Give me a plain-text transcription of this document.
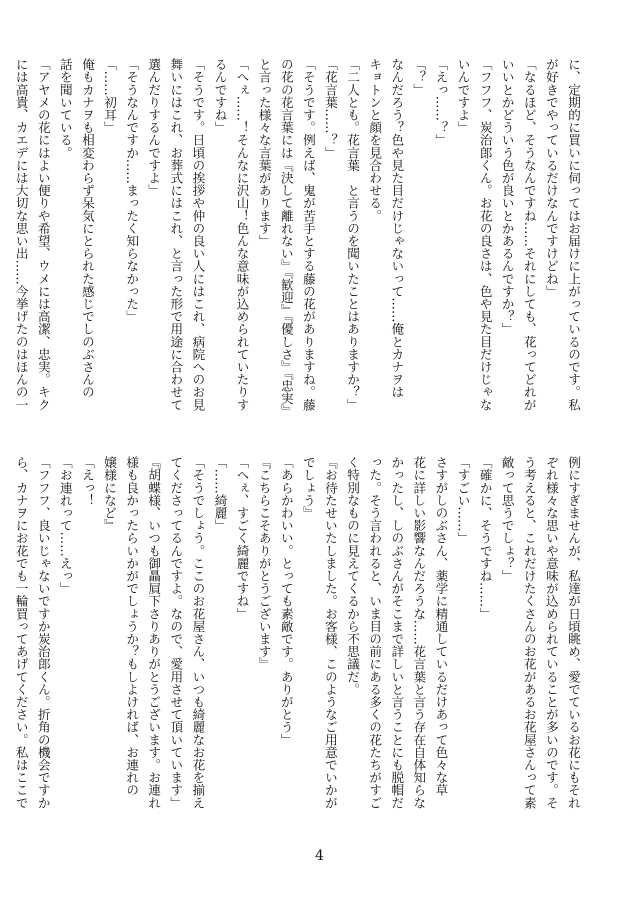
に、定期的に買いに伺ってはお届けに上がっているのです。私
が好きでやっているだけなんですけどね」
「なるほど、そうなんですね……それにしても、花ってどれが
いいとかどういう色が良いとかあるんですか？」
「フフフ、炭治郎くん。お花の良さは、色や見た目だけじゃな
いんですよ」
「えっ……？」
「？」
なんだろう？色や見た目だけじゃないって……俺とカナヲは
キョトンと顔を見合わせる。
「二人とも。花言葉　と言うのを聞いたことはありますか？」
「花言葉……？」
「そうです。例えば、鬼が苦手とする藤の花がありますね。藤
の花の花言葉には『決して離れない』『歓迎』『優しさ』『忠実』
と言った様々な言葉があります」
「へぇ……！そんなに沢山！色んな意味が込められていたりす
るんですね」
「そうです。日頃の挨拶や仲の良い人にはこれ、病院へのお見
舞いにはこれ、お葬式にはこれ、と言った形で用途に合わせて
選んだりするんですよ」
「そうなんですか……まったく知らなかった」
「……初耳」
俺もカナヲも相変わらず呆気にとられた感じでしのぶさんの
話を聞いている。
「アヤメの花にはよい便りや希望、ウメには高潔、忠実。キク
には高貴、カエデには大切な思い出……今挙げたのはほんの一
例にすぎませんが、私達が日頃眺め、愛でているお花にもそれ
ぞれ様々な思いや意味が込められていることが多いのです。そ
う考えると、これだけたくさんのお花があるお花屋さんって素
敵って思うでしょ？」
「確かに、そうですね……」
「すごい……」
さすがしのぶさん、薬学に精通しているだけあって色々な草
花に詳しい影響なんだろうな……花言葉と言う存在自体知らな
かったし、しのぶさんがそこまで詳しいと言うことにも脱帽だ
った。そう言われると、いま目の前にある多くの花たちがすご
く特別なものに見えてくるから不思議だ。
『お待たせいたしました。お客様、このようなご用意でいかが
でしょう』
「あらかわいい。とっても素敵です。ありがとう」
『こちらこそありがとうございます』
「へぇ、すごく綺麗ですね」
「……綺麗」
「そうでしょう。ここのお花屋さん、いつも綺麗なお花を揃え
てくださってるんですよ。なので、愛用させて頂いています」
『胡蝶様、いつも御贔屓下さりありがとうございます。お連れ
様も良かったらいかがでしょうか？もしよければ、お連れの
嬢様になど』
「えっ！
「お連れって……えっ」
「フフフ、良いじゃないですか炭治郎くん。折角の機会ですか
ら、カナヲにお花でも一輪買ってあげてください。私はここで
4
